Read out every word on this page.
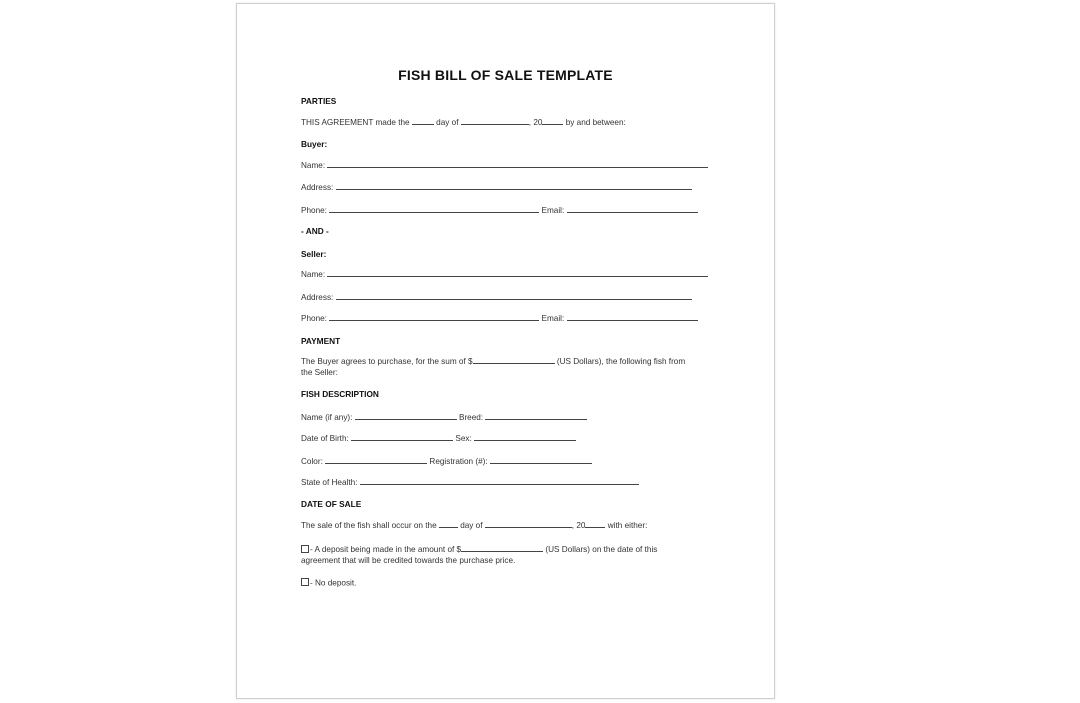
FISH BILL OF SALE TEMPLATE
PARTIES
THIS AGREEMENT made the	day of	, 20	by and between:
Buyer:
Name:
Address:
Phone:	Email:
- AND -
Seller:
Name:
Address:
Phone:	Email:
PAYMENT
The Buyer agrees to purchase, for the sum of $	(US Dollars), the following fish from
the Seller:
FISH DESCRIPTION
Name (if any):	Breed:
Date of Birth:	Sex:
Color:	Registration (#):
State of Health:
DATE OF SALE
The sale of the fish shall occur on the	day of	, 20	with either:
- A deposit being made in the amount of $	(US Dollars) on the date of this
agreement that will be credited towards the purchase price.
- No deposit.
